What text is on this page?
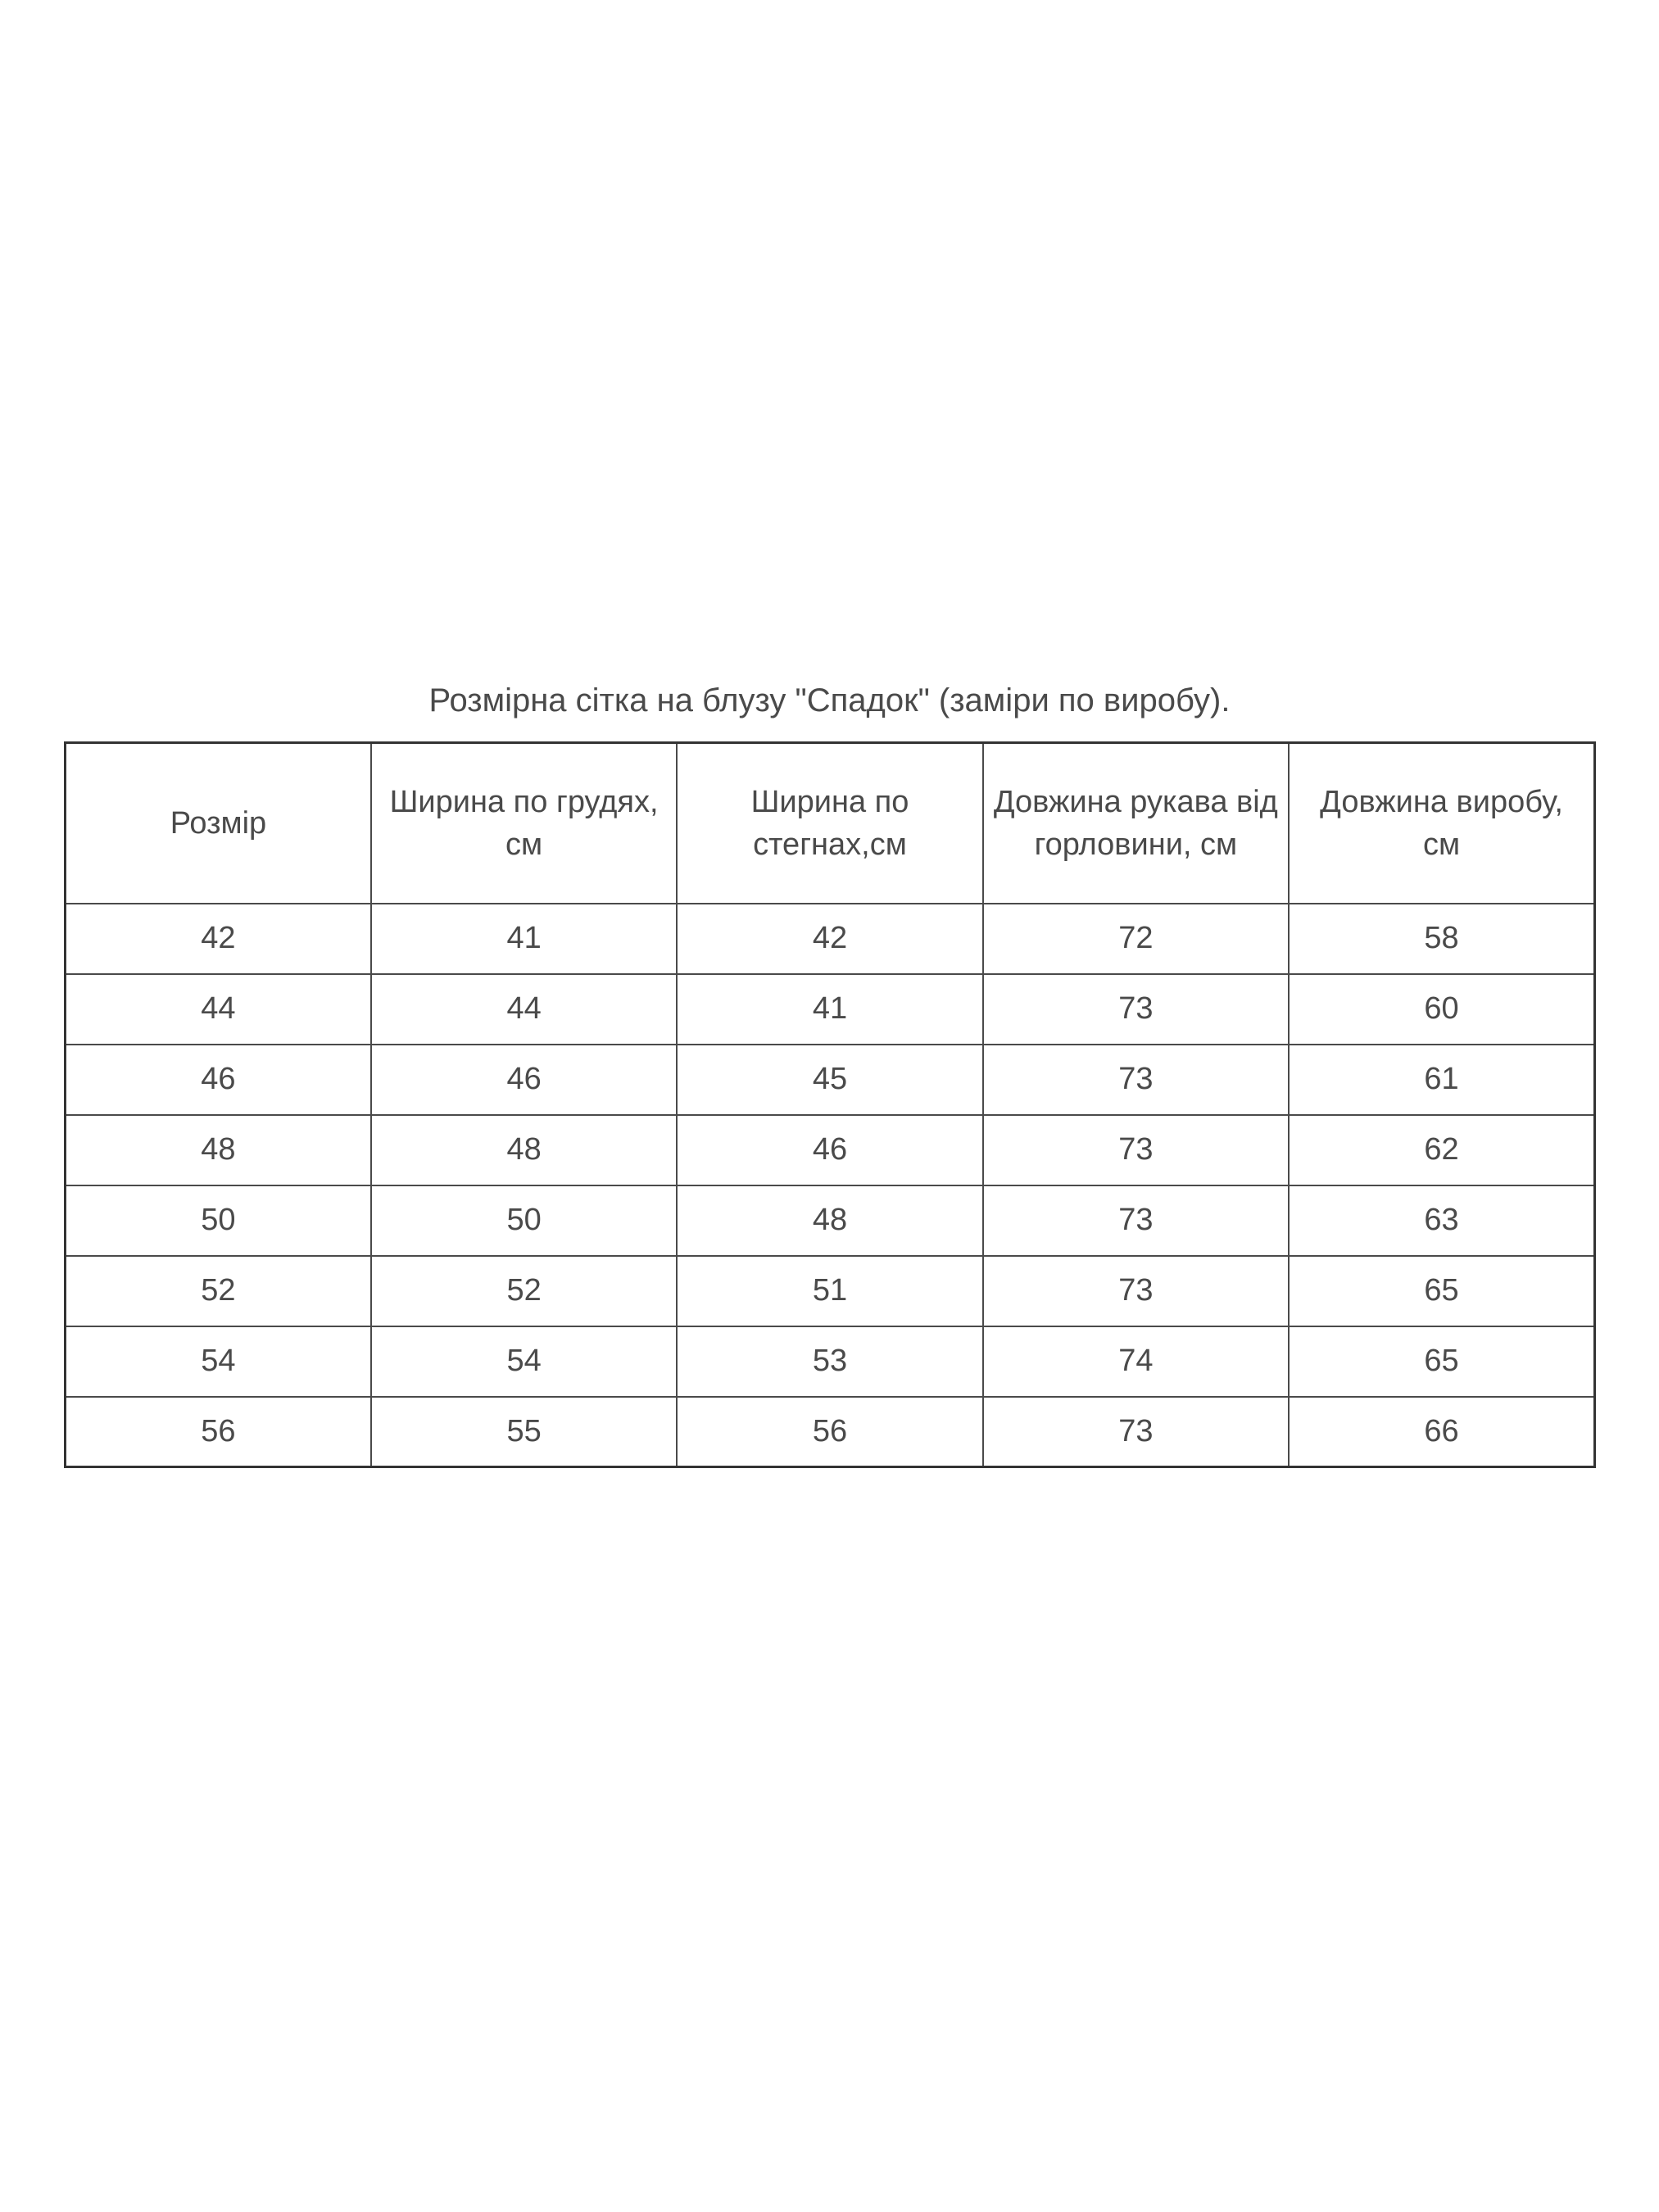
Розмірна сітка на блузу "Спадок" (заміри по виробу).
Розмір	Ширина по грудях, см	Ширина по стегнах,см	Довжина рукава від горловини, см	Довжина виробу, см
42	41	42	72	58
44	44	41	73	60
46	46	45	73	61
48	48	46	73	62
50	50	48	73	63
52	52	51	73	65
54	54	53	74	65
56	55	56	73	66
